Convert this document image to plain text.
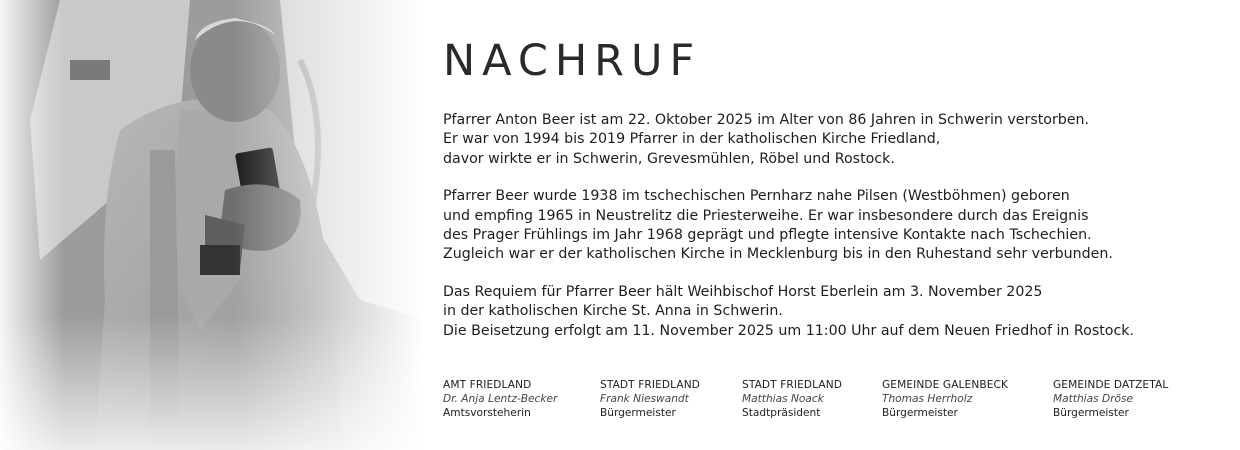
NACHRUF

Pfarrer Anton Beer ist am 22. Oktober 2025 im Alter von 86 Jahren in Schwerin verstorben.
Er war von 1994 bis 2019 Pfarrer in der katholischen Kirche Friedland,
davor wirkte er in Schwerin, Grevesmühlen, Röbel und Rostock.

Pfarrer Beer wurde 1938 im tschechischen Pernharz nahe Pilsen (Westböhmen) geboren
und empfing 1965 in Neustrelitz die Priesterweihe. Er war insbesondere durch das Ereignis
des Prager Frühlings im Jahr 1968 geprägt und pflegte intensive Kontakte nach Tschechien.
Zugleich war er der katholischen Kirche in Mecklenburg bis in den Ruhestand sehr verbunden.

Das Requiem für Pfarrer Beer hält Weihbischof Horst Eberlein am 3. November 2025
in der katholischen Kirche St. Anna in Schwerin.
Die Beisetzung erfolgt am 11. November 2025 um 11:00 Uhr auf dem Neuen Friedhof in Rostock.

AMT FRIEDLAND
Dr. Anja Lentz-Becker
Amtsvorsteherin
STADT FRIEDLAND
Frank Nieswandt
Bürgermeister
STADT FRIEDLAND
Matthias Noack
Stadtpräsident
GEMEINDE GALENBECK
Thomas Herrholz
Bürgermeister
GEMEINDE DATZETAL
Matthias Dröse
Bürgermeister
